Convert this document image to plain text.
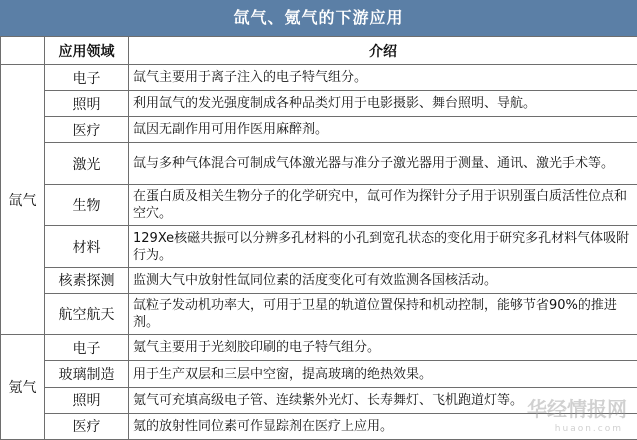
氙气、氪气的下游应用
	应用领域	介绍
氙气	电子	氙气主要用于离子注入的电子特气组分。
	照明	利用氙气的发光强度制成各种品类灯用于电影摄影、舞台照明、导航。
	医疗	氙因无副作用可用作医用麻醉剂。
	激光	氙与多种气体混合可制成气体激光器与准分子激光器用于测量、通讯、激光手术等。
	生物	在蛋白质及相关生物分子的化学研究中，氙可作为探针分子用于识别蛋白质活性位点和空穴。
	材料	129Xe核磁共振可以分辨多孔材料的小孔到宽孔状态的变化用于研究多孔材料气体吸附行为。
	核素探测	监测大气中放射性氙同位素的活度变化可有效监测各国核活动。
	航空航天	氙粒子发动机功率大，可用于卫星的轨道位置保持和机动控制，能够节省90%的推进剂。
氪气	电子	氪气主要用于光刻胶印刷的电子特气组分。
	玻璃制造	用于生产双层和三层中空窗，提高玻璃的绝热效果。
	照明	氪气可充填高级电子管、连续紫外光灯、长寿舞灯、飞机跑道灯等。
	医疗	氪的放射性同位素可作显踪剂在医疗上应用。
华经情报网
huaon.com
